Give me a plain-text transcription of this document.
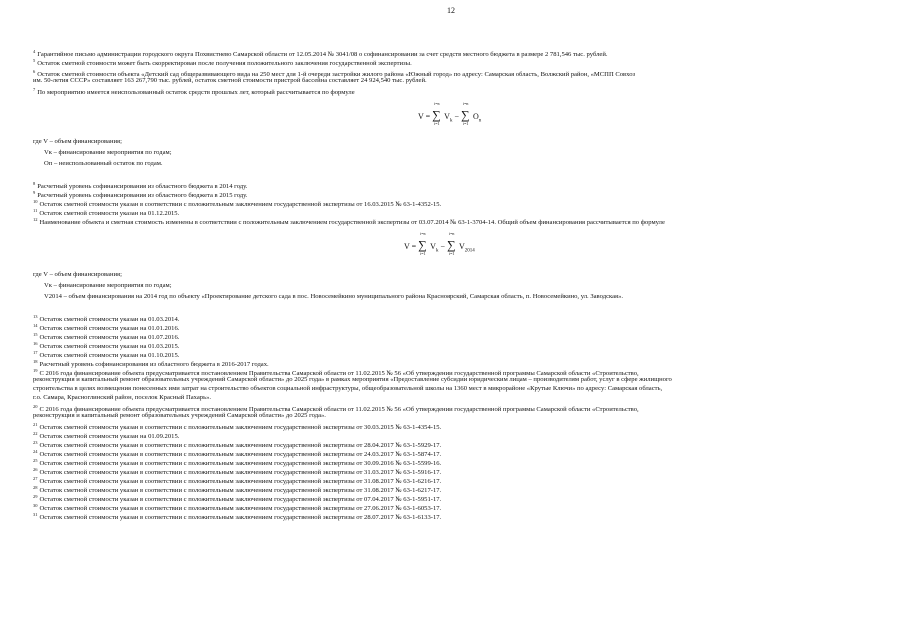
12
$^4$ Гарантийное письмо администрации городского округа Похвистнево Самарской области от 12.05.2014 № 3041/08 о софинансировании за счет средств местного бюджета в размере 2 781,546 тыс. рублей.
$^5$ Остаток сметной стоимости может быть скорректирован после получения положительного заключения государственной экспертизы.
$^6$ Остаток сметной стоимости объекта «Детский сад общеразвивающего вида на 250 мест для 1-й очереди застройки жилого района «Южный город» по адресу: Самарская область, Волжский район, «МСПП Совхоз
им. 50-летия СССР» составляет 163 267,790 тыс. рублей, остаток сметной стоимости пристрой бассейна составляет 24 924,540 тыс. рублей.
$^7$ По мероприятию имеется неиспользованный остаток средств прошлых лет, который рассчитывается по формуле
V = ∑
i=n
i=1
$V_k$ − ∑
i=n
i=1
$O_n$
где V – объем финансирования;
Vк – финансирование мероприятия по годам;
Oп – неиспользованный остаток по годам.
$^8$ Расчетный уровень софинансирования из областного бюджета в 2014 году.
$^9$ Расчетный уровень софинансирования из областного бюджета в 2015 году.
$^{10}$ Остаток сметной стоимости указан в соответствии с положительным заключением государственной экспертизы от 16.03.2015 № 63-1-4352-15.
$^{11}$ Остаток сметной стоимости указан на 01.12.2015.
$^{12}$ Наименование объекта и сметная стоимость изменены в соответствии с положительным заключением государственной экспертизы от 03.07.2014 № 63-1-3704-14. Общий объем финансирования рассчитывается по формуле
V = ∑
i=n
i=1
$V_k$ − ∑
i=n
i=1
$V_{2014}$
где V – объем финансирования;
Vк – финансирование мероприятия по годам;
V2014 – объем финансирования на 2014 год по объекту «Проектирование детского сада в пос. Новосемейкино муниципального района Красноярский, Самарская область, п. Новосемейкино, ул. Заводская».
$^{13}$ Остаток сметной стоимости указан на 01.03.2014.
$^{14}$ Остаток сметной стоимости указан на 01.01.2016.
$^{15}$ Остаток сметной стоимости указан на 01.07.2016.
$^{16}$ Остаток сметной стоимости указан на 01.03.2015.
$^{17}$ Остаток сметной стоимости указан на 01.10.2015.
$^{18}$ Расчетный уровень софинансирования из областного бюджета в 2016-2017 годах.
$^{19}$ С 2016 года финансирование объекта предусматривается постановлением Правительства Самарской области от 11.02.2015 № 56 «Об утверждении государственной программы Самарской области «Строительство,
реконструкция и капитальный ремонт образовательных учреждений Самарской области» до 2025 года» в рамках мероприятия «Предоставление субсидии юридическим лицам – производителям работ, услуг в сфере жилищного
строительства в целях возмещения понесенных ими затрат на строительство объектов социальной инфраструктуры, общеобразовательной школы на 1360 мест в микрорайоне «Крутые Ключи» по адресу: Самарская область,
г.о. Самара, Красноглинский район, поселок Красный Пахарь».
$^{20}$ С 2016 года финансирование объекта предусматривается постановлением Правительства Самарской области от 11.02.2015 № 56 «Об утверждении государственной программы Самарской области «Строительство,
реконструкция и капитальный ремонт образовательных учреждений Самарской области» до 2025 года».
$^{21}$ Остаток сметной стоимости указан в соответствии с положительным заключением государственной экспертизы от 30.03.2015 № 63-1-4354-15.
$^{22}$ Остаток сметной стоимости указан на 01.09.2015.
$^{23}$ Остаток сметной стоимости указан в соответствии с положительным заключением государственной экспертизы от 28.04.2017 № 63-1-5929-17.
$^{24}$ Остаток сметной стоимости указан в соответствии с положительным заключением государственной экспертизы от 24.03.2017 № 63-1-5874-17.
$^{25}$ Остаток сметной стоимости указан в соответствии с положительным заключением государственной экспертизы от 30.09.2016 № 63-1-5599-16.
$^{26}$ Остаток сметной стоимости указан в соответствии с положительным заключением государственной экспертизы от 31.03.2017 № 63-1-5916-17.
$^{27}$ Остаток сметной стоимости указан в соответствии с положительным заключением государственной экспертизы от 31.08.2017 № 63-1-6216-17.
$^{28}$ Остаток сметной стоимости указан в соответствии с положительным заключением государственной экспертизы от 31.08.2017 № 63-1-6217-17.
$^{29}$ Остаток сметной стоимости указан в соответствии с положительным заключением государственной экспертизы от 07.04.2017 № 63-1-5951-17.
$^{30}$ Остаток сметной стоимости указан в соответствии с положительным заключением государственной экспертизы от 27.06.2017 № 63-1-6053-17.
$^{31}$ Остаток сметной стоимости указан в соответствии с положительным заключением государственной экспертизы от 28.07.2017 № 63-1-6133-17.
